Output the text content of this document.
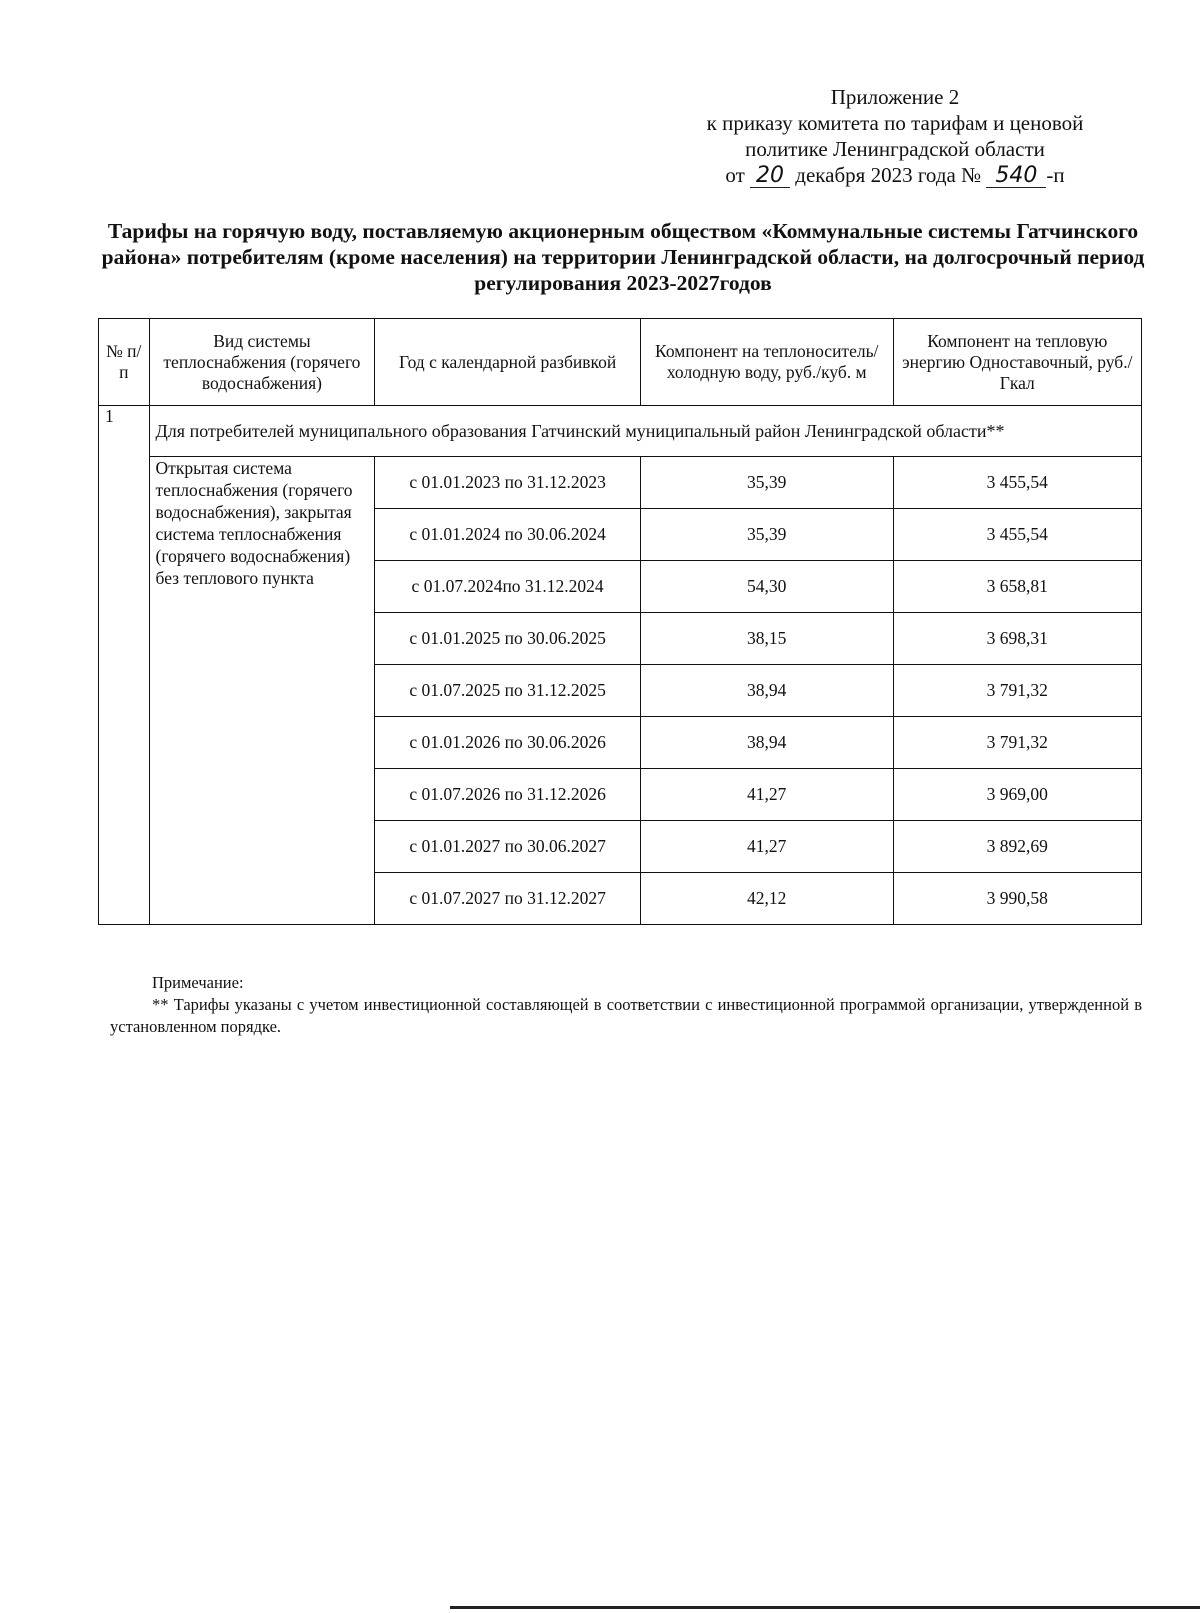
Приложение 2
к приказу комитета по тарифам и ценовой
политике Ленинградской области
от 20 декабря 2023 года № 540 -п
Тарифы на горячую воду, поставляемую акционерным обществом «Коммунальные системы Гатчинского района» потребителям (кроме населения) на территории Ленинградской области, на долгосрочный период регулирования 2023-2027годов
№ п/п	Вид системы теплоснабжения (горячего водоснабжения)	Год с календарной разбивкой	Компонент на теплоноситель/холодную воду, руб./куб. м	Компонент на тепловую энергию Одноставочный, руб./Гкал
1	Для потребителей муниципального образования Гатчинский муниципальный район Ленинградской области**			
	Открытая система теплоснабжения (горячего водоснабжения), закрытая система теплоснабжения (горячего водоснабжения) без теплового пункта	с 01.01.2023 по 31.12.2023	35,39	3 455,54
		с 01.01.2024 по 30.06.2024	35,39	3 455,54
		с 01.07.2024по 31.12.2024	54,30	3 658,81
		с 01.01.2025 по 30.06.2025	38,15	3 698,31
		с 01.07.2025 по 31.12.2025	38,94	3 791,32
		с 01.01.2026 по 30.06.2026	38,94	3 791,32
		с 01.07.2026 по 31.12.2026	41,27	3 969,00
		с 01.01.2027 по 30.06.2027	41,27	3 892,69
		с 01.07.2027 по 31.12.2027	42,12	3 990,58
Примечание:
** Тарифы указаны с учетом инвестиционной составляющей в соответствии с инвестиционной программой организации, утвержденной в установленном порядке.
